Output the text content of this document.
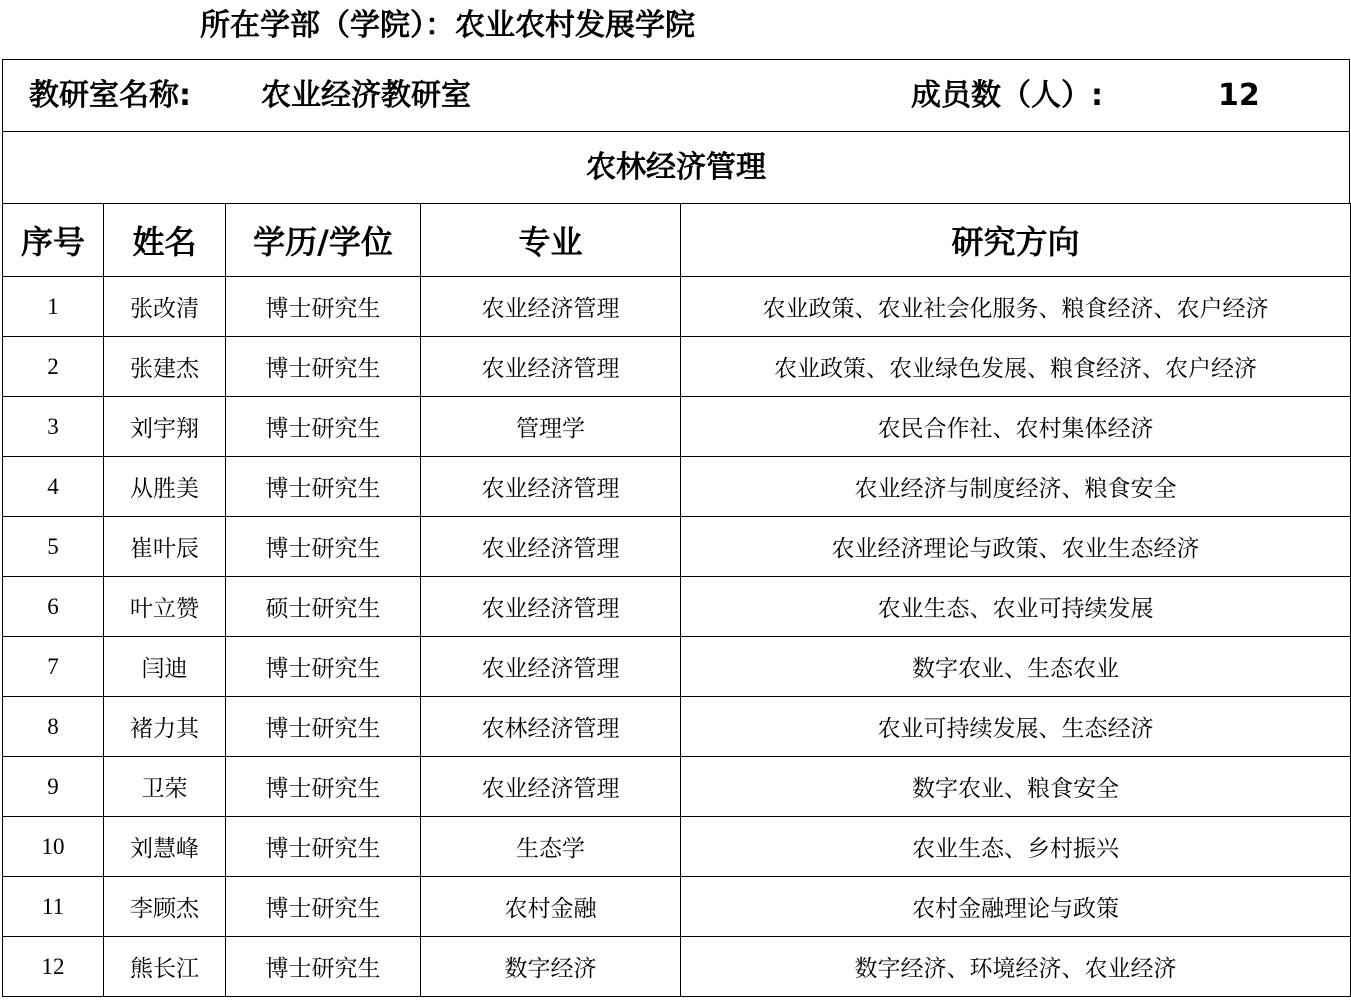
所在学部（学院）：农业农村发展学院
教研室名称: 农业经济教研室	成员数（人）:	12
农林经济管理
序号	姓名	学历/学位	专业	研究方向
1	张改清	博士研究生	农业经济管理	农业政策、农业社会化服务、粮食经济、农户经济
2	张建杰	博士研究生	农业经济管理	农业政策、农业绿色发展、粮食经济、农户经济
3	刘宇翔	博士研究生	管理学	农民合作社、农村集体经济
4	从胜美	博士研究生	农业经济管理	农业经济与制度经济、粮食安全
5	崔叶辰	博士研究生	农业经济管理	农业经济理论与政策、农业生态经济
6	叶立赞	硕士研究生	农业经济管理	农业生态、农业可持续发展
7	闫迪	博士研究生	农业经济管理	数字农业、生态农业
8	褚力其	博士研究生	农林经济管理	农业可持续发展、生态经济
9	卫荣	博士研究生	农业经济管理	数字农业、粮食安全
10	刘慧峰	博士研究生	生态学	农业生态、乡村振兴
11	李顾杰	博士研究生	农村金融	农村金融理论与政策
12	熊长江	博士研究生	数字经济	数字经济、环境经济、农业经济
